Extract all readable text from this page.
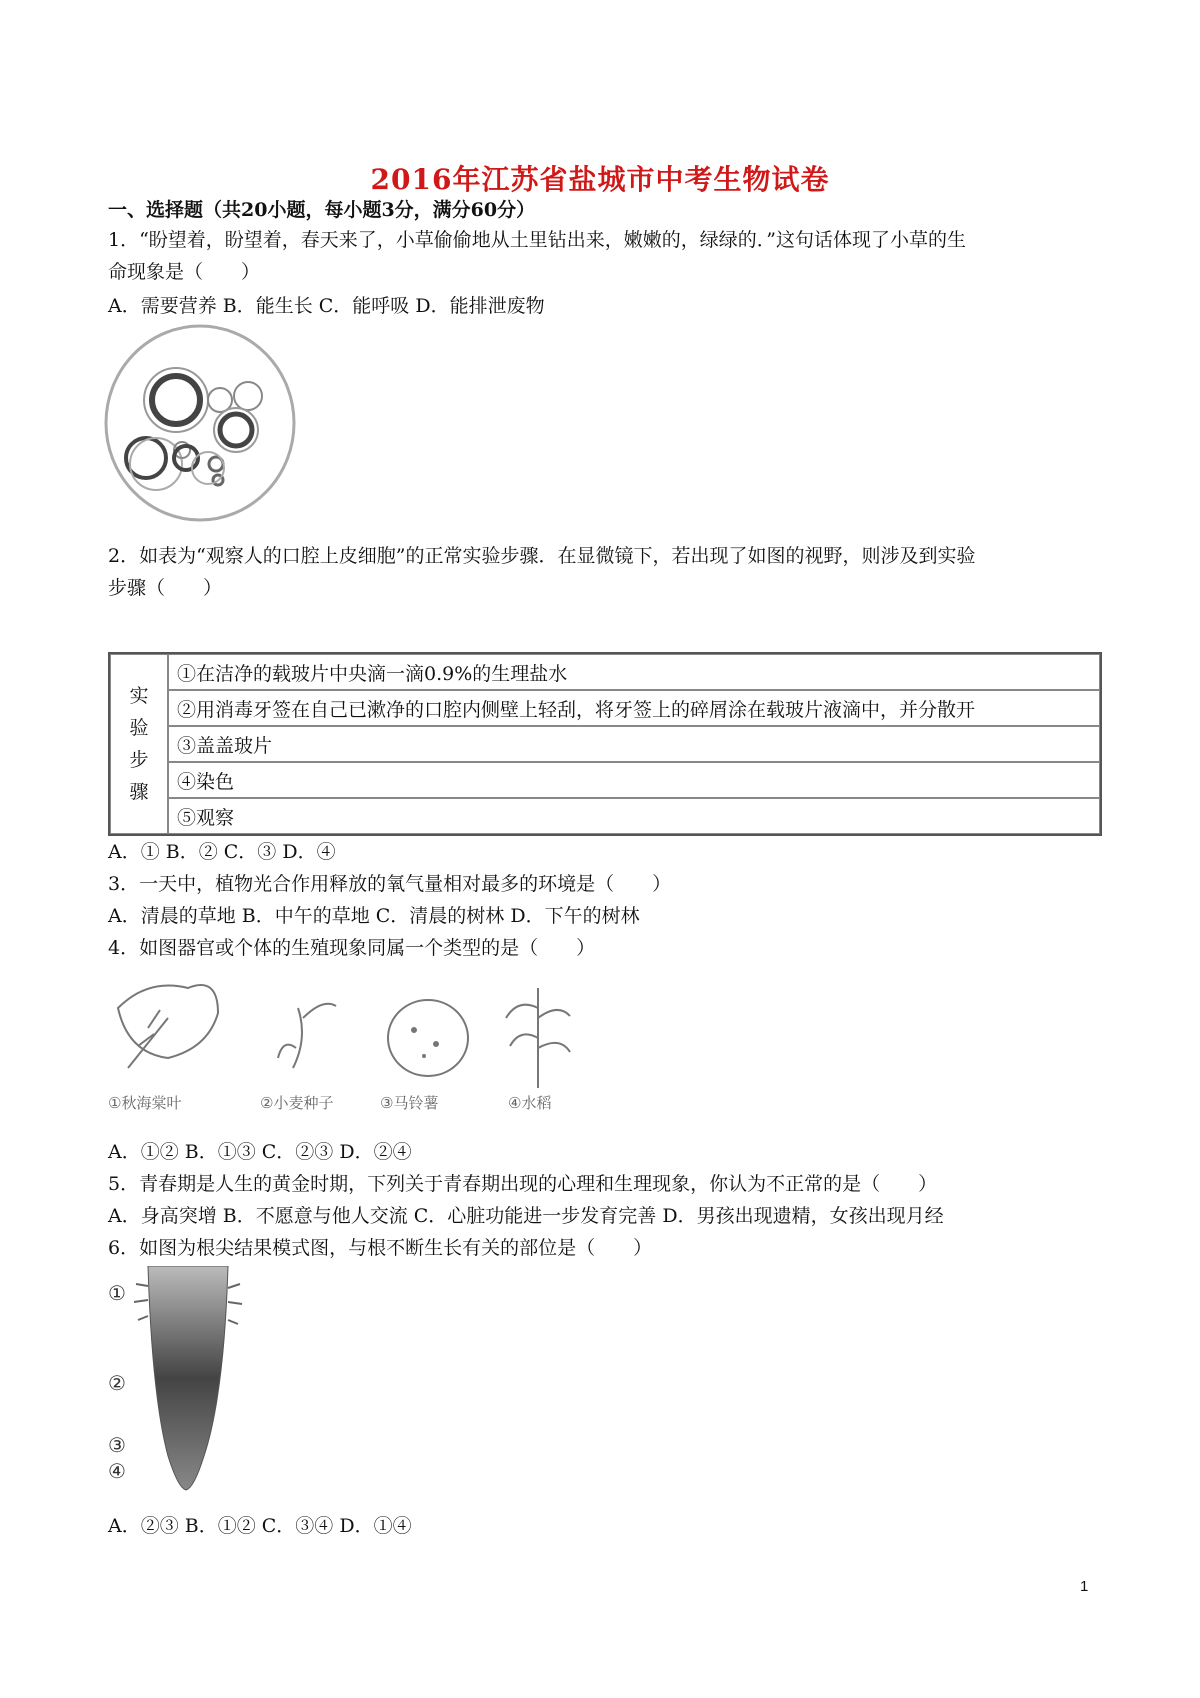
2016年江苏省盐城市中考生物试卷
一、选择题（共20小题，每小题3分，满分60分）
1．“盼望着，盼望着，春天来了，小草偷偷地从土里钻出来，嫩嫩的，绿绿的．”这句话体现了小草的生
命现象是（　　）
A．需要营养 B．能生长 C．能呼吸 D．能排泄废物
2．如表为“观察人的口腔上皮细胞”的正常实验步骤．在显微镜下，若出现了如图的视野，则涉及到实验
步骤（　　）
实
验
步
骤
	①在洁净的载玻片中央滴一滴0.9%的生理盐水
②用消毒牙签在自己已漱净的口腔内侧壁上轻刮，将牙签上的碎屑涂在载玻片液滴中，并分散开
③盖盖玻片
④染色
⑤观察
A．① B．② C．③ D．④
3．一天中，植物光合作用释放的氧气量相对最多的环境是（　　）
A．清晨的草地 B．中午的草地 C．清晨的树林 D．下午的树林
4．如图器官或个体的生殖现象同属一个类型的是（　　）
①秋海棠叶	②小麦种子	③马铃薯	④水稻
A．①② B．①③ C．②③ D．②④
5．青春期是人生的黄金时期，下列关于青春期出现的心理和生理现象，你认为不正常的是（　　）
A．身高突增 B．不愿意与他人交流 C．心脏功能进一步发育完善 D．男孩出现遗精，女孩出现月经
6．如图为根尖结果模式图，与根不断生长有关的部位是（　　）
①
②
③
④
A．②③ B．①② C．③④ D．①④
1
